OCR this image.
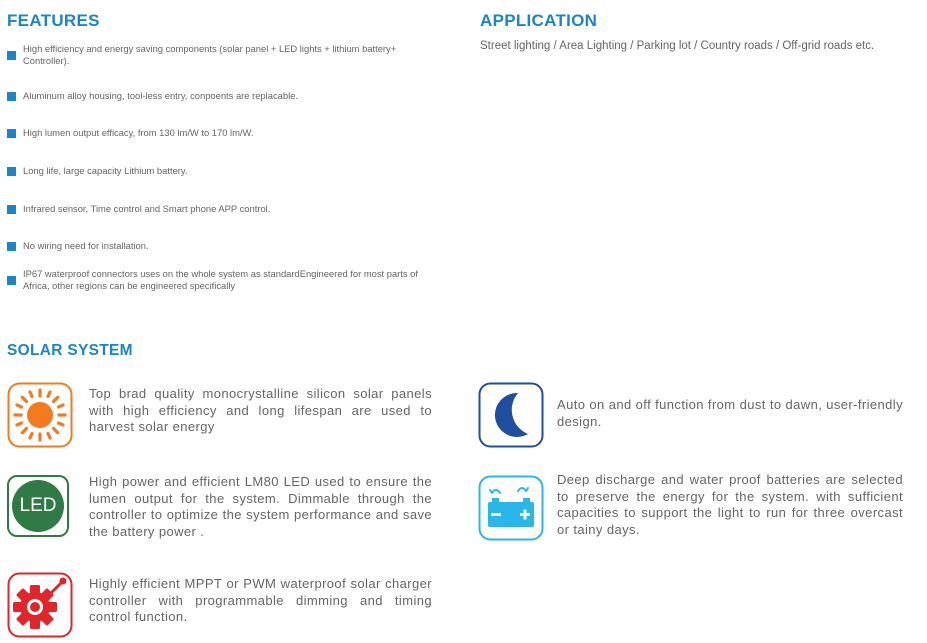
FEATURES	APPLICATION
Street lighting / Area Lighting / Parking lot / Country roads / Off-grid roads etc.
High efficiency and energy saving components (solar panel + LED lights + lithium battery+ Controller).
Aluminum alloy housing, tool-less entry, conpoents are replacable.
High lumen output efficacy, from 130 lm/W to 170 lm/W.
Long life, large capacity Lithium battery.
Infrared sensor, Time control and Smart phone APP control.
No wiring need for installation.
IP67 waterproof connectors uses on the whole system as standardEngineered for most parts of Africa, other regions can be engineered specifically
SOLAR SYSTEM
Top brad quality monocrystalline silicon solar panels with high efficiency and long lifespan are used to harvest solar energy
LED
High power and efficient LM80 LED used to ensure the lumen output for the system. Dimmable through the controller to optimize the system performance and save the battery power .
Highly efficient MPPT or PWM waterproof solar charger controller with programmable dimming and timing control function.
Auto on and off function from dust to dawn, user-friendly design.
Deep discharge and water proof batteries are selected to preserve the energy for the system. with sufficient capacities to support the light to run for three overcast or tainy days.
